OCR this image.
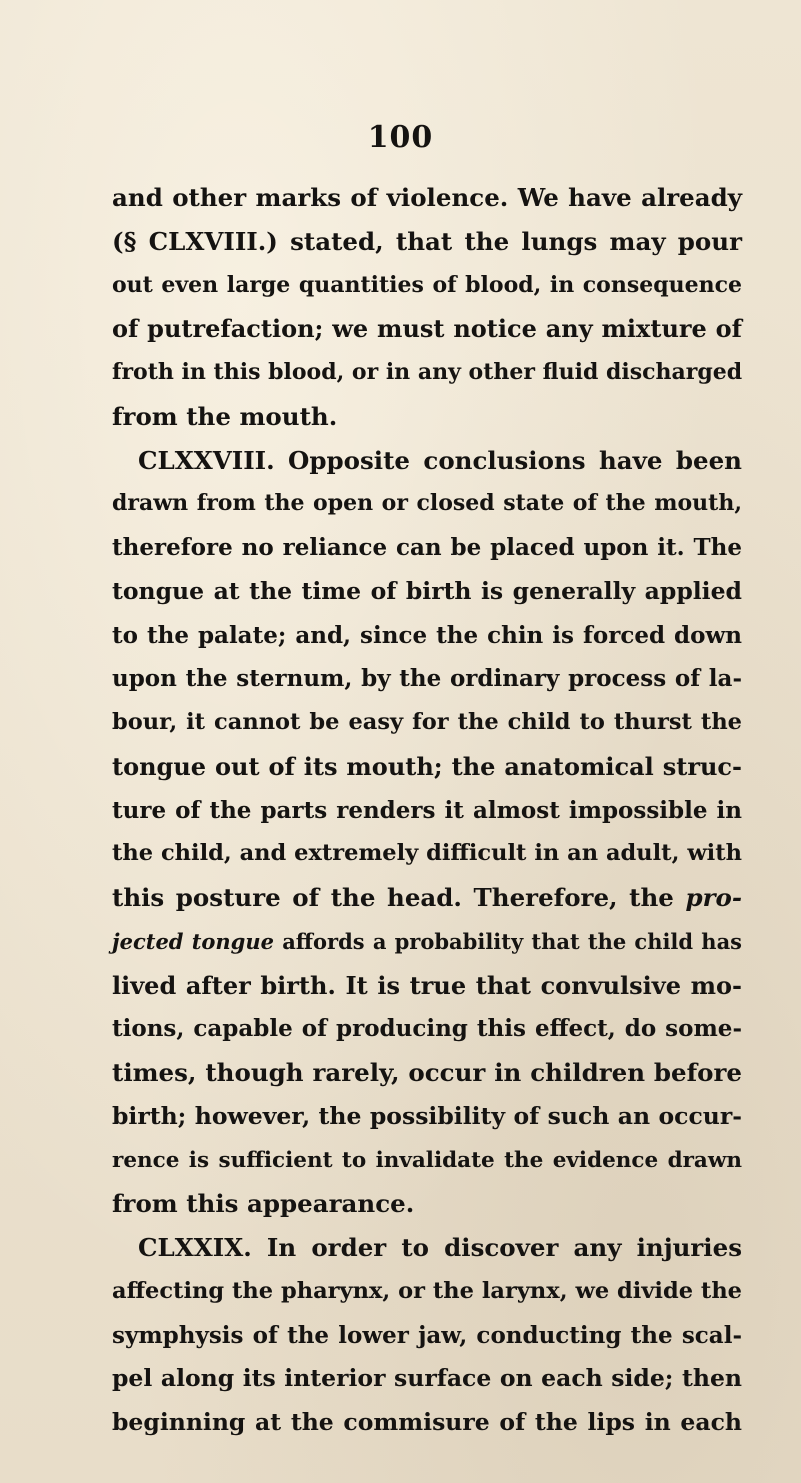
100
and other marks of violence. We have already
(§ CLXVIII.) stated, that the lungs may pour
out even large quantities of blood, in consequence
of putrefaction; we must notice any mixture of
froth in this blood, or in any other fluid discharged
from the mouth.
CLXXVIII. Opposite conclusions have been
drawn from the open or closed state of the mouth,
therefore no reliance can be placed upon it. The
tongue at the time of birth is generally applied
to the palate; and, since the chin is forced down
upon the sternum, by the ordinary process of la-
bour, it cannot be easy for the child to thurst the
tongue out of its mouth; the anatomical struc-
ture of the parts renders it almost impossible in
the child, and extremely difficult in an adult, with
this posture of the head. Therefore, the pro-
jected tongue affords a probability that the child has
lived after birth. It is true that convulsive mo-
tions, capable of producing this effect, do some-
times, though rarely, occur in children before
birth; however, the possibility of such an occur-
rence is sufficient to invalidate the evidence drawn
from this appearance.
CLXXIX. In order to discover any injuries
affecting the pharynx, or the larynx, we divide the
symphysis of the lower jaw, conducting the scal-
pel along its interior surface on each side; then
beginning at the commisure of the lips in each
